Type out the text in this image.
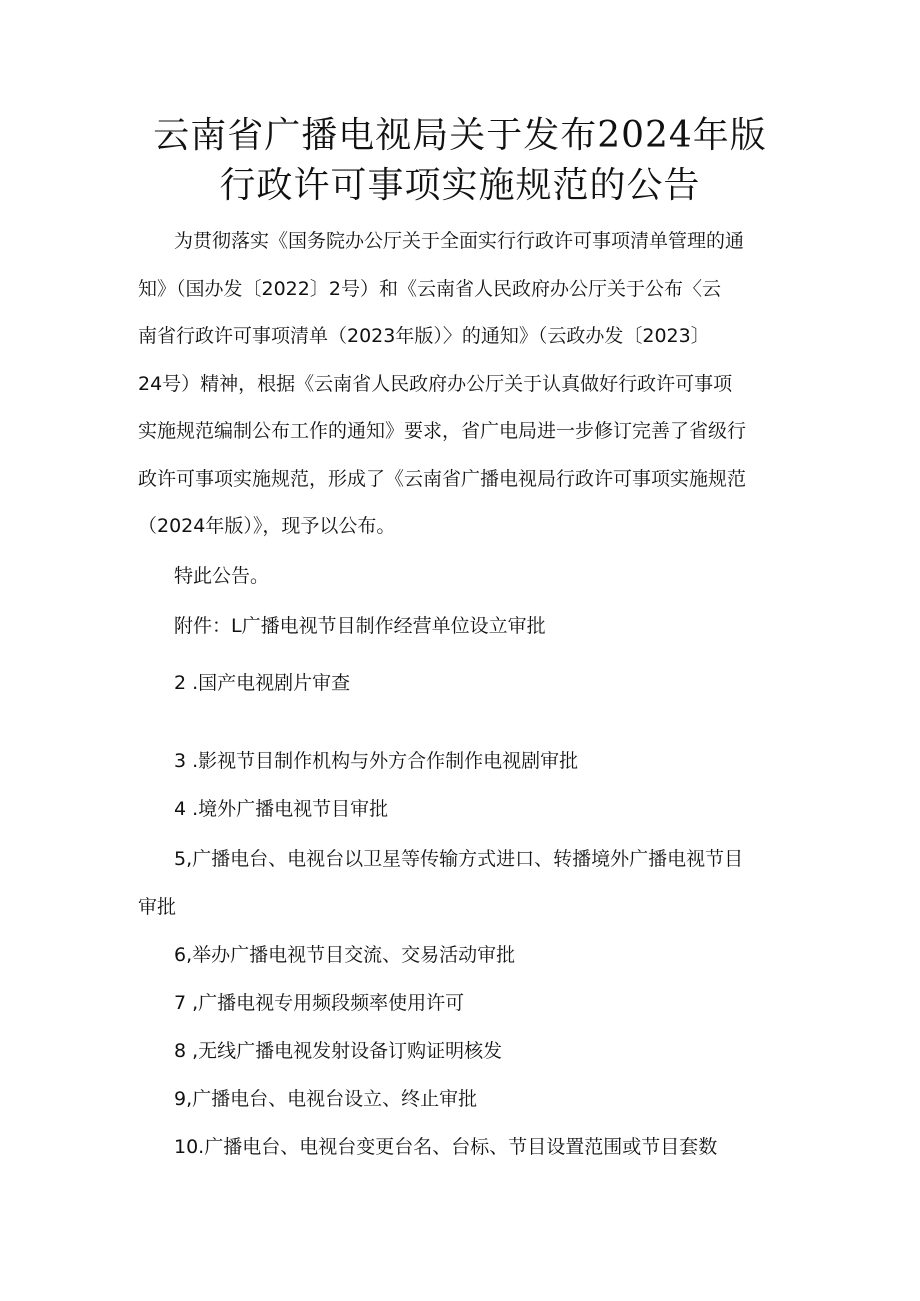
云南省广播电视局关于发布2024年版
行政许可事项实施规范的公告
为贯彻落实《国务院办公厅关于全面实行行政许可事项清单管理的通
知》（国办发〔2022〕2号）和《云南省人民政府办公厅关于公布〈云
南省行政许可事项清单（2023年版）〉的通知》（云政办发〔2023〕
24号）精神，根据《云南省人民政府办公厅关于认真做好行政许可事项
实施规范编制公布工作的通知》要求，省广电局进一步修订完善了省级行
政许可事项实施规范，形成了《云南省广播电视局行政许可事项实施规范
（2024年版）》，现予以公布。
特此公告。
附件：L广播电视节目制作经营单位设立审批
2 .国产电视剧片审查
3 .影视节目制作机构与外方合作制作电视剧审批
4 .境外广播电视节目审批
5,广播电台、电视台以卫星等传输方式进口、转播境外广播电视节目
审批
6,举办广播电视节目交流、交易活动审批
7 ,广播电视专用频段频率使用许可
8 ,无线广播电视发射设备订购证明核发
9,广播电台、电视台设立、终止审批
10.广播电台、电视台变更台名、台标、节目设置范围或节目套数
